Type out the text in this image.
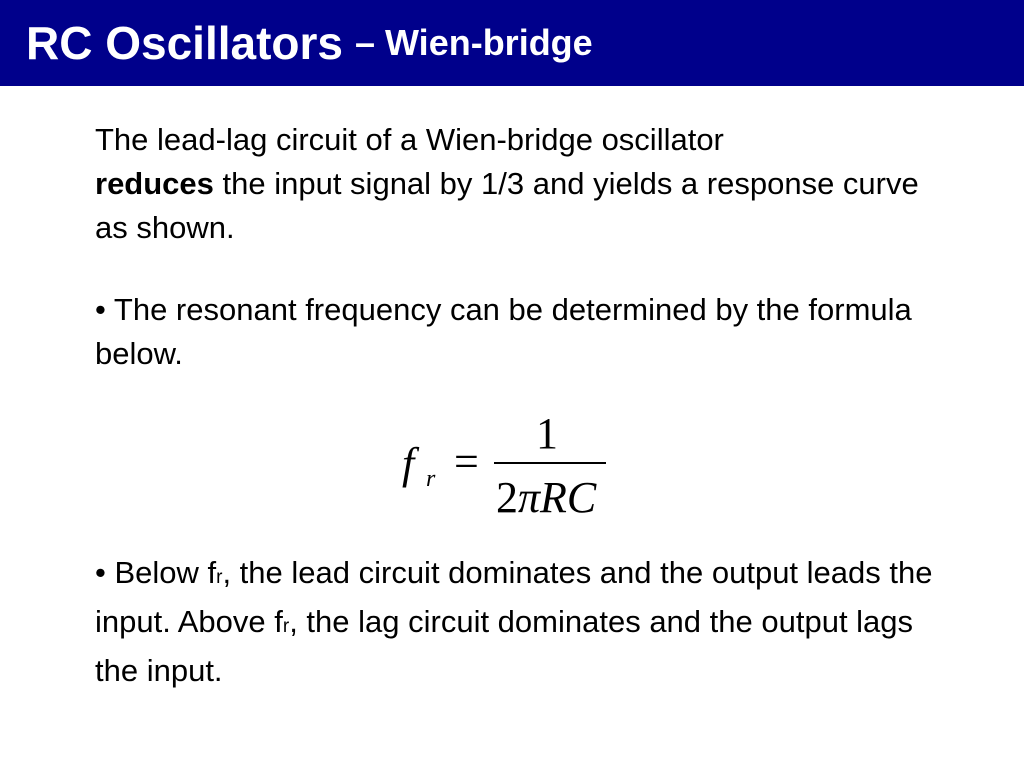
RC Oscillators – Wien-bridge
The lead-lag circuit of a Wien-bridge oscillator
reduces the input signal by 1/3 and yields a response curve as shown.
• The resonant frequency can be determined by the formula below.
f r =
1
2πRC
• Below fr, the lead circuit dominates and the output leads the input. Above fr, the lag circuit dominates and the output lags the input.
